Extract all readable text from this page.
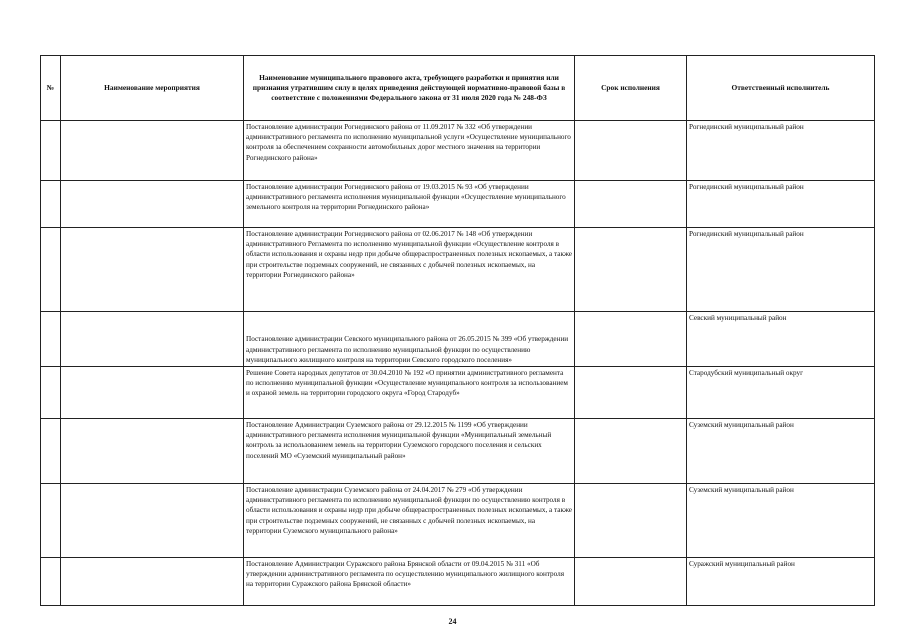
№	Наименование мероприятия	Наименование муниципального правового акта, требующего разработки и принятия или признания утратившим силу в целях приведения действующей нормативно-правовой базы в соответствие с положениями Федерального закона от 31 июля 2020 года № 248-ФЗ	Срок исполнения	Ответственный исполнитель
		Постановление администрации Рогнединского района от 11.09.2017 № 332 «Об утверждении административного регламента по исполнению муниципальной услуги «Осуществление муниципального контроля за обеспечением сохранности автомобильных дорог местного значения на территории Рогнединского района»		Рогнединский муниципальный район
		Постановление администрации Рогнединского района от 19.03.2015 № 93 «Об утверждении административного регламента исполнения муниципальной функции «Осуществление муниципального земельного контроля на территории Рогнединского района»		Рогнединский муниципальный район
		Постановление администрации Рогнединского района от 02.06.2017 № 148 «Об утверждении административного Регламента по исполнению муниципальной функции «Осуществление контроля в области использования и охраны недр при добыче общераспространенных полезных ископаемых, а также при строительстве подземных сооружений, не связанных с добычей полезных ископаемых, на территории Рогнединского района»		Рогнединский муниципальный район
		Постановление администрации Севского муниципального района от 26.05.2015 № 399 «Об утверждении административного регламента по исполнению муниципальной функции по осуществлению муниципального жилищного контроля на территории Севского городского поселения»		Севский муниципальный район
		Решение Совета народных депутатов от 30.04.2010 № 192 «О принятии административного регламента по исполнению муниципальной функции «Осуществление муниципального контроля за использованием и охраной земель на территории городского округа «Город Стародуб»		Стародубский муниципальный округ
		Постановление Администрации Суземского района от 29.12.2015 № 1199 «Об утверждении административного регламента исполнения муниципальной функции «Муниципальный земельный контроль за использованием земель на территории Суземского городского поселения и сельских поселений МО «Суземский муниципальный район»		Суземский муниципальный район
		Постановление администрации Суземского района от 24.04.2017 № 279 «Об утверждении административного регламента по исполнению муниципальной функции по осуществлению контроля в области использования и охраны недр при добыче общераспространенных полезных ископаемых, а также при строительстве подземных сооружений, не связанных с добычей полезных ископаемых, на территории Суземского муниципального района»		Суземский муниципальный район
		Постановление Администрации Суражского района Брянской области от 09.04.2015 № 311 «Об утверждении административного регламента по осуществлению муниципального жилищного контроля на территории Суражского района Брянской области»		Суражский муниципальный район
24
